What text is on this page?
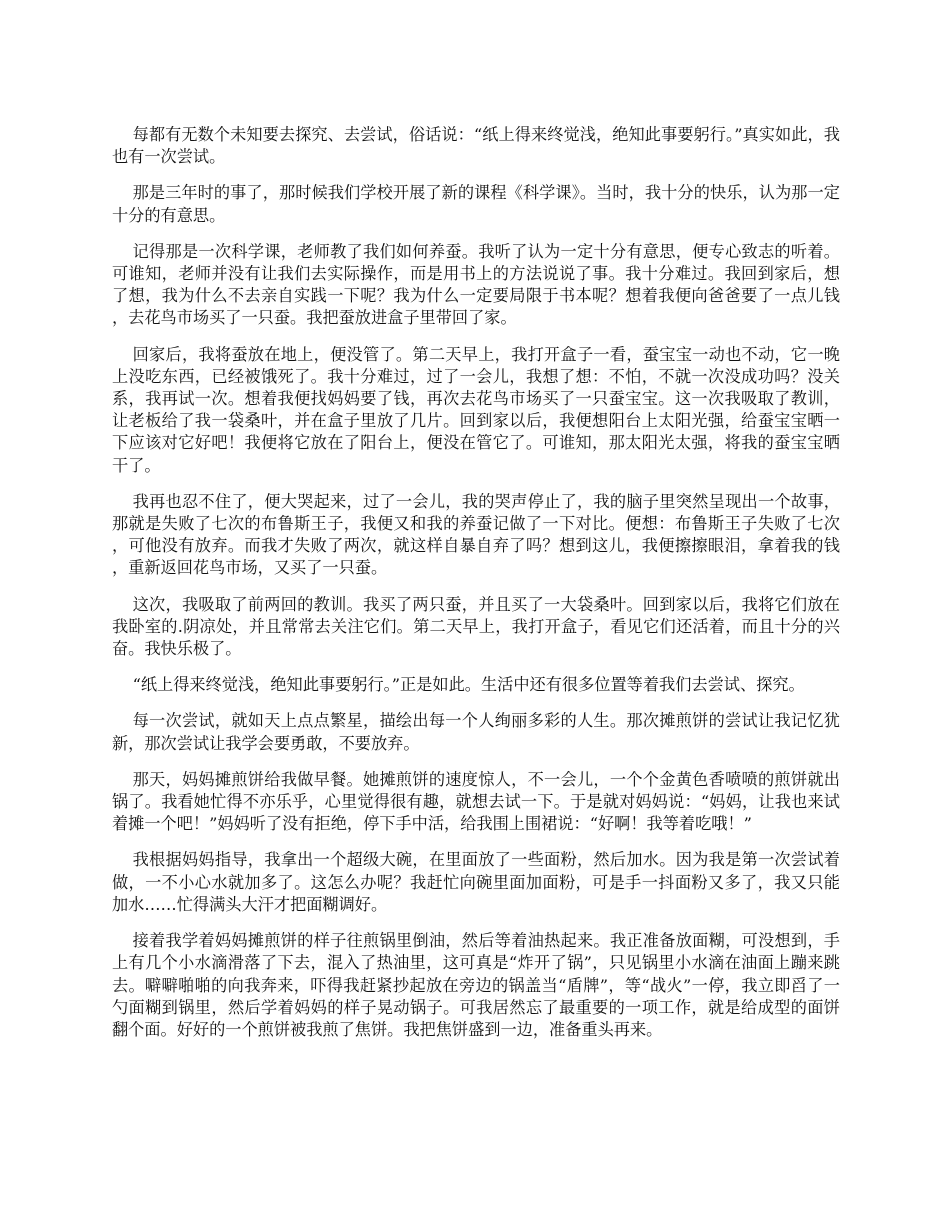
每都有无数个未知要去探究、去尝试，俗话说：“纸上得来终觉浅，绝知此事要躬行。”真实如此，我也有一次尝试。

那是三年时的事了，那时候我们学校开展了新的课程《科学课》。当时，我十分的快乐，认为那一定十分的有意思。

记得那是一次科学课，老师教了我们如何养蚕。我听了认为一定十分有意思，便专心致志的听着。可谁知，老师并没有让我们去实际操作，而是用书上的方法说说了事。我十分难过。我回到家后，想了想，我为什么不去亲自实践一下呢？我为什么一定要局限于书本呢？想着我便向爸爸要了一点儿钱，去花鸟市场买了一只蚕。我把蚕放进盒子里带回了家。

回家后，我将蚕放在地上，便没管了。第二天早上，我打开盒子一看，蚕宝宝一动也不动，它一晚上没吃东西，已经被饿死了。我十分难过，过了一会儿，我想了想：不怕，不就一次没成功吗？没关系，我再试一次。想着我便找妈妈要了钱，再次去花鸟市场买了一只蚕宝宝。这一次我吸取了教训，让老板给了我一袋桑叶，并在盒子里放了几片。回到家以后，我便想阳台上太阳光强，给蚕宝宝晒一下应该对它好吧！我便将它放在了阳台上，便没在管它了。可谁知，那太阳光太强，将我的蚕宝宝晒干了。

我再也忍不住了，便大哭起来，过了一会儿，我的哭声停止了，我的脑子里突然呈现出一个故事，那就是失败了七次的布鲁斯王子，我便又和我的养蚕记做了一下对比。便想：布鲁斯王子失败了七次，可他没有放弃。而我才失败了两次，就这样自暴自弃了吗？想到这儿，我便擦擦眼泪，拿着我的钱，重新返回花鸟市场，又买了一只蚕。

这次，我吸取了前两回的教训。我买了两只蚕，并且买了一大袋桑叶。回到家以后，我将它们放在我卧室的.阴凉处，并且常常去关注它们。第二天早上，我打开盒子，看见它们还活着，而且十分的兴奋。我快乐极了。

“纸上得来终觉浅，绝知此事要躬行。”正是如此。生活中还有很多位置等着我们去尝试、探究。

每一次尝试，就如天上点点繁星，描绘出每一个人绚丽多彩的人生。那次摊煎饼的尝试让我记忆犹新，那次尝试让我学会要勇敢，不要放弃。

那天，妈妈摊煎饼给我做早餐。她摊煎饼的速度惊人，不一会儿，一个个金黄色香喷喷的煎饼就出锅了。我看她忙得不亦乐乎，心里觉得很有趣，就想去试一下。于是就对妈妈说：“妈妈，让我也来试着摊一个吧！”妈妈听了没有拒绝，停下手中活，给我围上围裙说：“好啊！我等着吃哦！”

我根据妈妈指导，我拿出一个超级大碗，在里面放了一些面粉，然后加水。因为我是第一次尝试着做，一不小心水就加多了。这怎么办呢？我赶忙向碗里面加面粉，可是手一抖面粉又多了，我又只能加水……忙得满头大汗才把面糊调好。

接着我学着妈妈摊煎饼的样子往煎锅里倒油，然后等着油热起来。我正准备放面糊，可没想到，手上有几个小水滴滑落了下去，混入了热油里，这可真是“炸开了锅”，只见锅里小水滴在油面上蹦来跳去。噼噼啪啪的向我奔来，吓得我赶紧抄起放在旁边的锅盖当“盾牌”，等“战火”一停，我立即舀了一勺面糊到锅里，然后学着妈妈的样子晃动锅子。可我居然忘了最重要的一项工作，就是给成型的面饼翻个面。好好的一个煎饼被我煎了焦饼。我把焦饼盛到一边，准备重头再来。
